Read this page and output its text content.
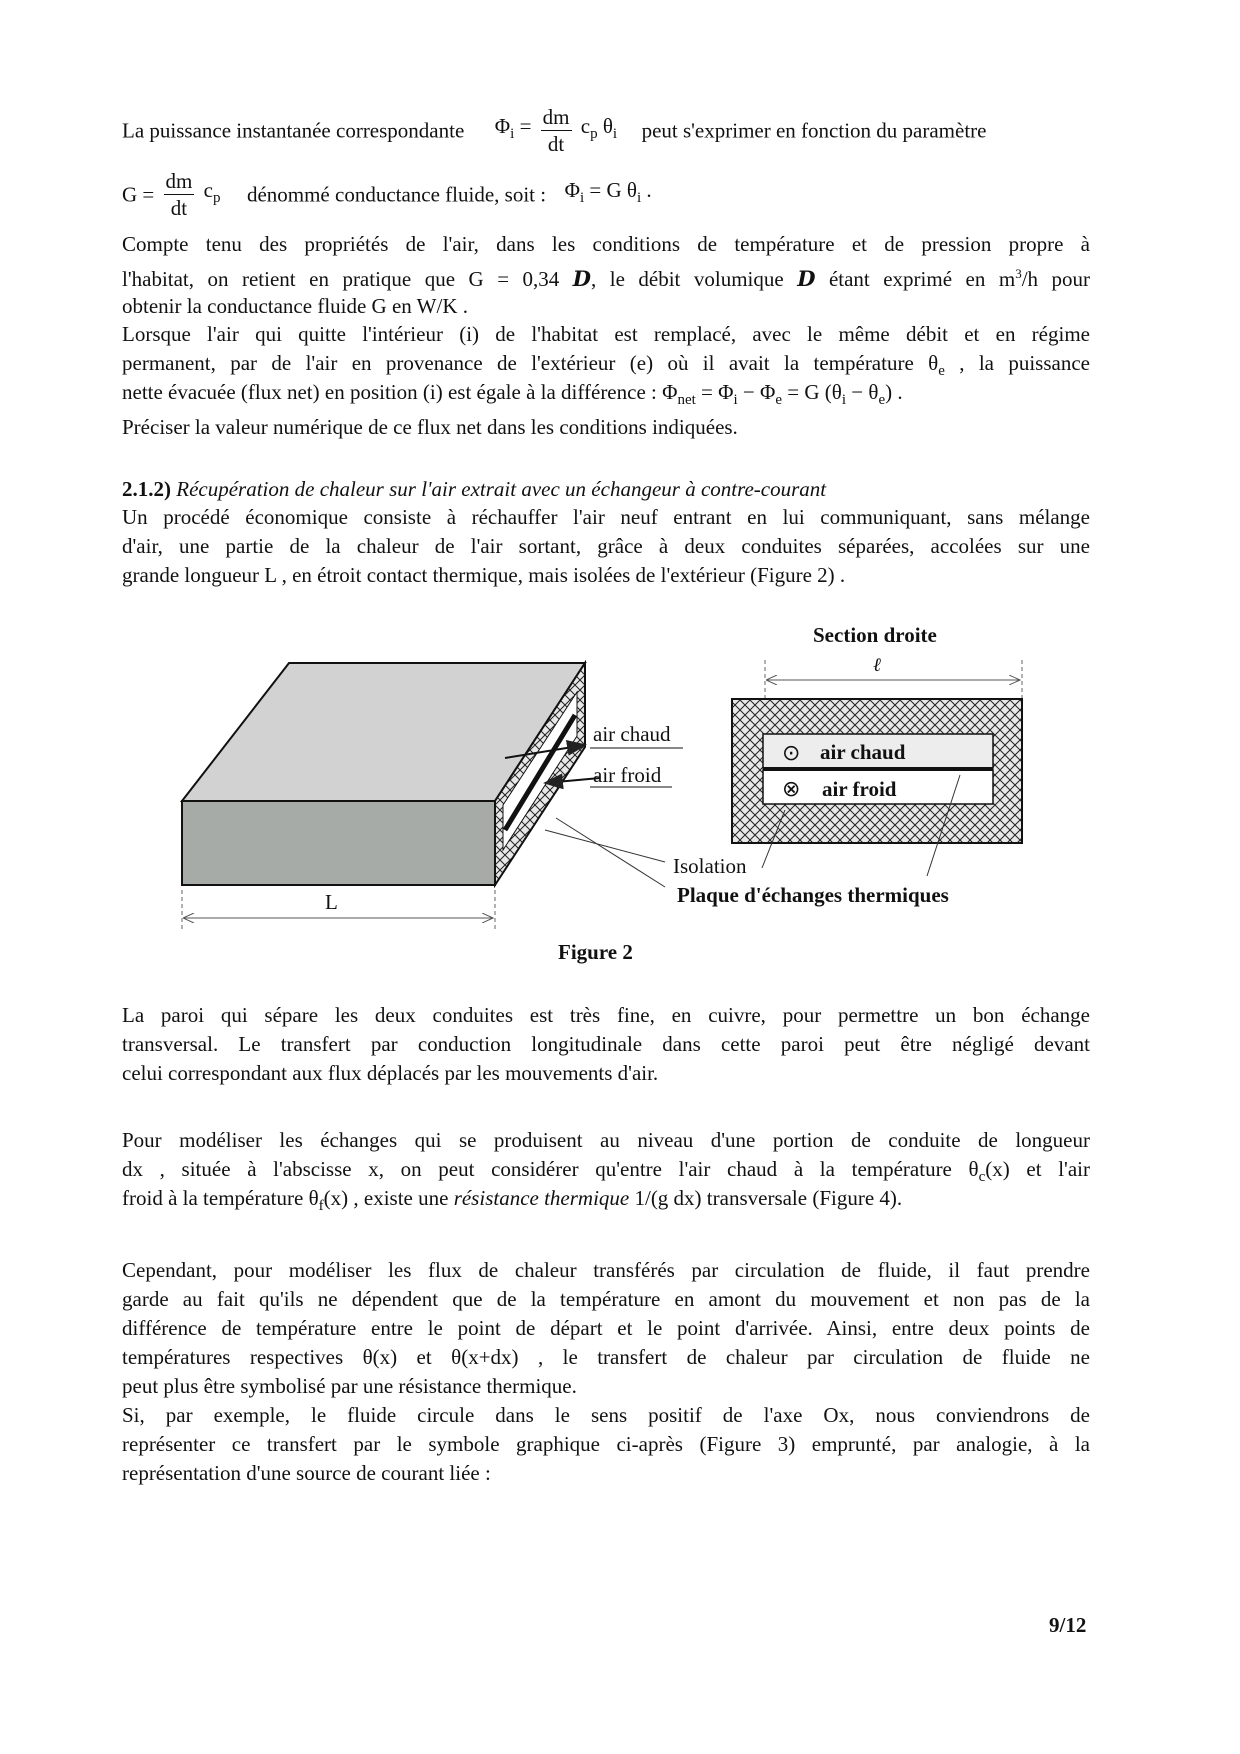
La puissance instantanée correspondante $\Phi_i = \frac{dm}{dt} c_p$ $\theta_i$ peut s'exprimer en fonction du paramètre
$G = \frac{dm}{dt} c_p$ dénommé conductance fluide, soit : $\Phi_i = G$ $\theta_i$ .
Compte tenu des propriétés de l'air, dans les conditions de température et de pression propre à
l'habitat, on retient en pratique que G = 0,34 D, le débit volumique D étant exprimé en $m^3/h$ pour
obtenir la conductance fluide G en W/K .
Lorsque l'air qui quitte l'intérieur (i) de l'habitat est remplacé, avec le même débit et en régime
permanent, par de l'air en provenance de l'extérieur (e) où il avait la température $\theta_e$ , la puissance
nette évacuée (flux net) en position (i) est égale à la différence : $\Phi_{net} = \Phi_i - \Phi_e = G$ $(\theta_i - \theta_e)$ .
Préciser la valeur numérique de ce flux net dans les conditions indiquées.
2.1.2) Récupération de chaleur sur l'air extrait avec un échangeur à contre-courant
Un procédé économique consiste à réchauffer l'air neuf entrant en lui communiquant, sans mélange
d'air, une partie de la chaleur de l'air sortant, grâce à deux conduites séparées, accolées sur une
grande longueur L , en étroit contact thermique, mais isolées de l'extérieur (Figure 2) .
air chaud
air froid
L
Section droite
ℓ
⊙ air chaud
⊗ air froid
Isolation
Plaque d'échanges thermiques
Figure 2
La paroi qui sépare les deux conduites est très fine, en cuivre, pour permettre un bon échange
transversal. Le transfert par conduction longitudinale dans cette paroi peut être négligé devant
celui correspondant aux flux déplacés par les mouvements d'air.
Pour modéliser les échanges qui se produisent au niveau d'une portion de conduite de longueur
dx , située à l'abscisse x, on peut considérer qu'entre l'air chaud à la température $\theta_c(x)$ et l'air
froid à la température $\theta_f(x)$ , existe une résistance thermique 1/(g dx) transversale (Figure 4).
Cependant, pour modéliser les flux de chaleur transférés par circulation de fluide, il faut prendre
garde au fait qu'ils ne dépendent que de la température en amont du mouvement et non pas de la
différence de température entre le point de départ et le point d'arrivée. Ainsi, entre deux points de
températures respectives θ(x) et θ(x+dx) , le transfert de chaleur par circulation de fluide ne
peut plus être symbolisé par une résistance thermique.
Si, par exemple, le fluide circule dans le sens positif de l'axe Ox, nous conviendrons de
représenter ce transfert par le symbole graphique ci-après (Figure 3) emprunté, par analogie, à la
représentation d'une source de courant liée :
9/12
